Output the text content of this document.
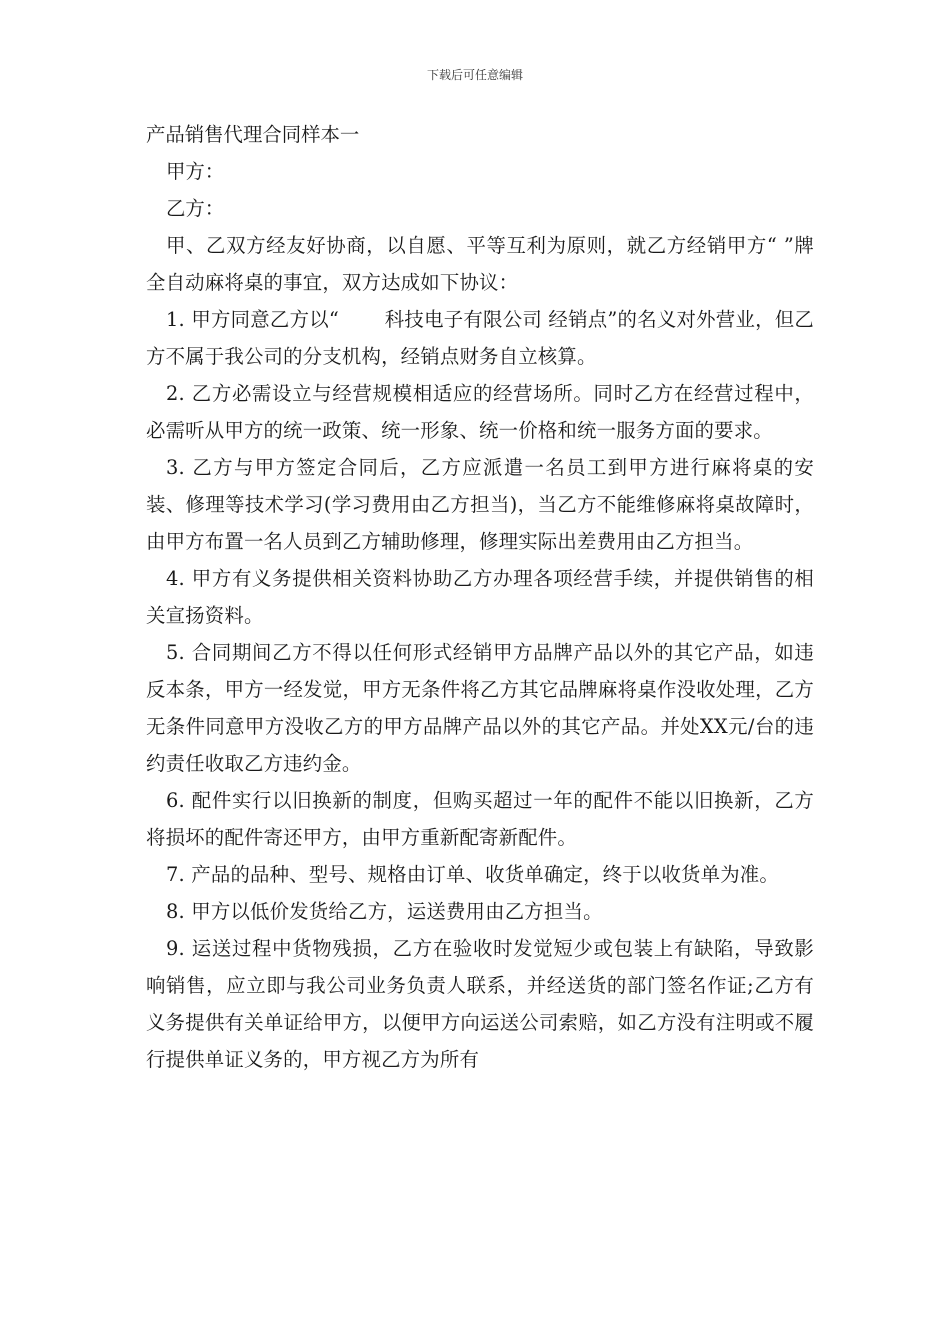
下载后可任意编辑

产品销售代理合同样本一

甲方：

乙方：

甲、乙双方经友好协商，以自愿、平等互利为原则，就乙方经销甲方“ ”牌全自动麻将桌的事宜，双方达成如下协议：

1. 甲方同意乙方以“　　 科技电子有限公司 经销点”的名义对外营业，但乙方不属于我公司的分支机构，经销点财务自立核算。

2. 乙方必需设立与经营规模相适应的经营场所。同时乙方在经营过程中，必需听从甲方的统一政策、统一形象、统一价格和统一服务方面的要求。

3. 乙方与甲方签定合同后，乙方应派遣一名员工到甲方进行麻将桌的安装、修理等技术学习(学习费用由乙方担当)，当乙方不能维修麻将桌故障时，由甲方布置一名人员到乙方辅助修理，修理实际出差费用由乙方担当。

4. 甲方有义务提供相关资料协助乙方办理各项经营手续，并提供销售的相关宣扬资料。

5. 合同期间乙方不得以任何形式经销甲方品牌产品以外的其它产品，如违反本条，甲方一经发觉，甲方无条件将乙方其它品牌麻将桌作没收处理，乙方无条件同意甲方没收乙方的甲方品牌产品以外的其它产品。并处XX元/台的违约责任收取乙方违约金。

6. 配件实行以旧换新的制度，但购买超过一年的配件不能以旧换新，乙方将损坏的配件寄还甲方，由甲方重新配寄新配件。

7. 产品的品种、型号、规格由订单、收货单确定，终于以收货单为准。

8. 甲方以低价发货给乙方，运送费用由乙方担当。

9. 运送过程中货物残损，乙方在验收时发觉短少或包装上有缺陷，导致影响销售，应立即与我公司业务负责人联系，并经送货的部门签名作证;乙方有义务提供有关单证给甲方，以便甲方向运送公司索赔，如乙方没有注明或不履行提供单证义务的，甲方视乙方为所有
